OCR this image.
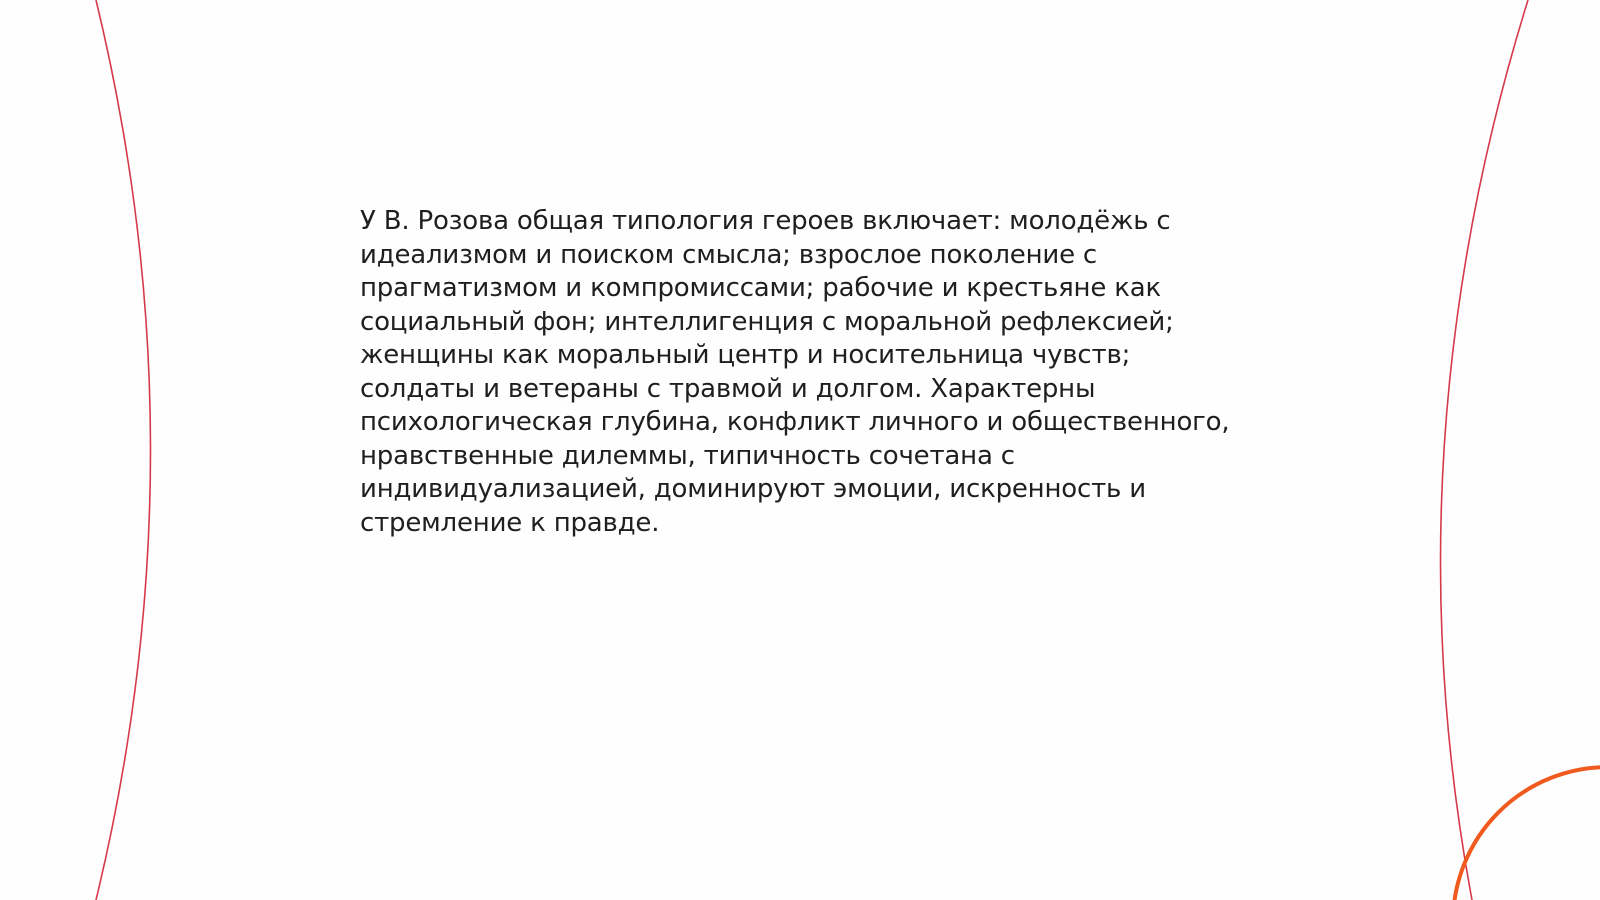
У В. Розова общая типология героев включает: молодёжь с
идеализмом и поиском смысла; взрослое поколение с
прагматизмом и компромиссами; рабочие и крестьяне как
социальный фон; интеллигенция с моральной рефлексией;
женщины как моральный центр и носительница чувств;
солдаты и ветераны с травмой и долгом. Характерны
психологическая глубина, конфликт личного и общественного,
нравственные дилеммы, типичность сочетана с
индивидуализацией, доминируют эмоции, искренность и
стремление к правде.
